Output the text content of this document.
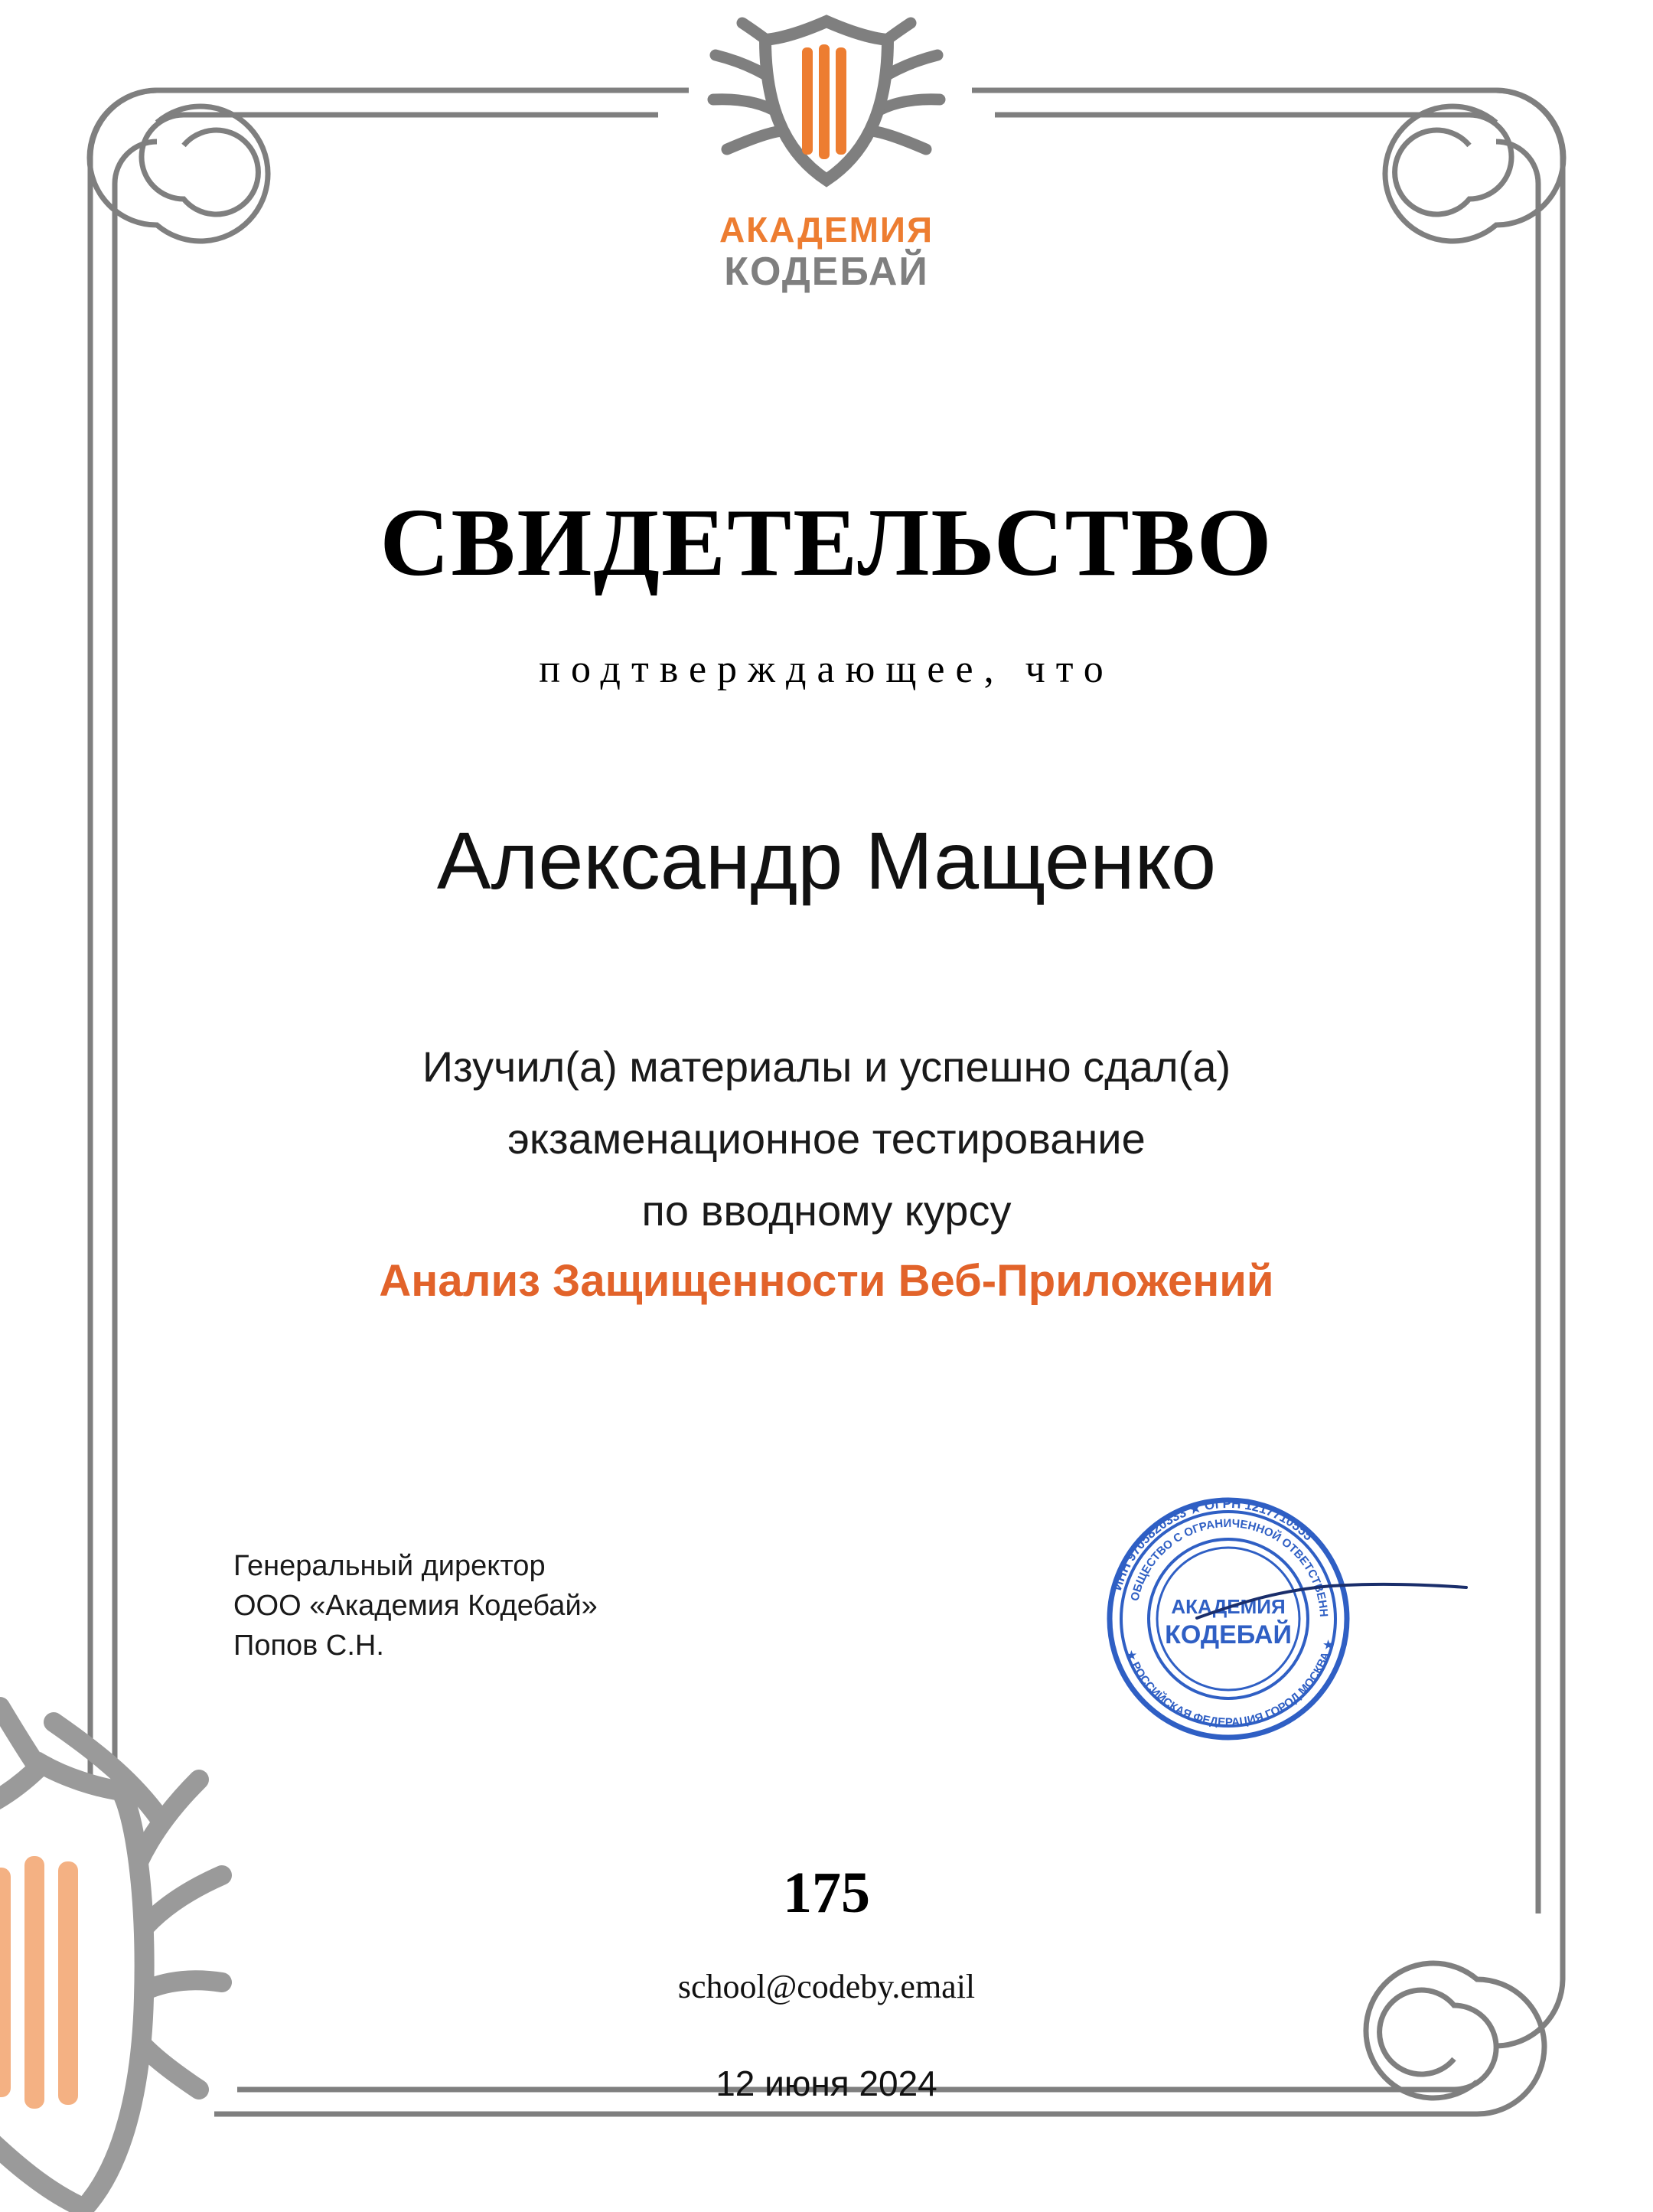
АКАДЕМИЯ
КОДЕБАЙ
СВИДЕТЕЛЬСТВО
подтверждающее, что
Александр Мащенко
Изучил(а) материалы и успешно сдал(а)
экзаменационное тестирование
по вводному курсу
Анализ Защищенности Веб-Приложений
Генеральный директор
ООО «Академия Кодебай»
Попов С.Н.
ИНН 9705820333 ★ ОГРН 1217710555
ОБЩЕСТВО С ОГРАНИЧЕННОЙ ОТВЕТСТВЕНН
★ РОССИЙСКАЯ ФЕДЕРАЦИЯ ГОРОД МОСКВА ★
АКАДЕМИЯ
КОДЕБАЙ
175
school@codeby.email
12 июня 2024
